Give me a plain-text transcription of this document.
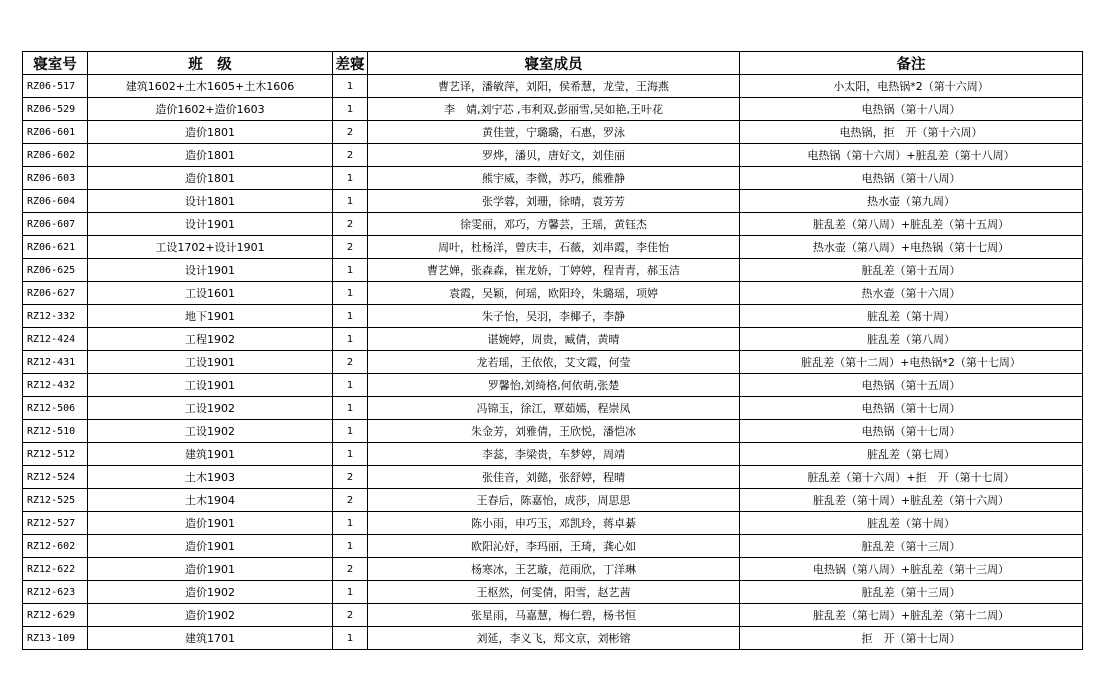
寝室号	班　级	差寝	寝室成员	备注
RZ06-517	建筑1602+土木1605+土木1606	1	曹艺译，潘敏萍，刘阳，侯希慧，龙莹，王海燕	小太阳，电热锅*2（第十六周）
RZ06-529	造价1602+造价1603	1	李　婧,刘宁芯 ,韦利双,彭丽雪,吴如艳,王叶花	电热锅（第十八周）
RZ06-601	造价1801	2	黄佳萱，宁璐璐，石惠，罗泳	电热锅，拒　开（第十六周）
RZ06-602	造价1801	2	罗烨，潘贝，唐好文，刘佳丽	电热锅（第十六周）+脏乱差（第十八周）
RZ06-603	造价1801	1	熊宇威，李微，苏巧，熊雅静	电热锅（第十八周）
RZ06-604	设计1801	1	张学蓉，刘珊，徐晴，袁芳芳	热水壶（第九周）
RZ06-607	设计1901	2	徐雯丽，邓巧，方馨芸，王瑶，黄钰杰	脏乱差（第八周）+脏乱差（第十五周）
RZ06-621	工设1702+设计1901	2	周叶，杜杨洋，曾庆丰，石薇，刘串霞，李佳怡	热水壶（第八周）+电热锅（第十七周）
RZ06-625	设计1901	1	曹艺婵，张森森，崔龙娇，丁婷婷，程青青，郝玉洁	脏乱差（第十五周）
RZ06-627	工设1601	1	袁霞，吴颖，何瑶，欧阳玲，朱璐瑶，项婷	热水壶（第十六周）
RZ12-332	地下1901	1	朱子怡，吴羽，李椰子，李静	脏乱差（第十周）
RZ12-424	工程1902	1	谌婉婷，周贵，臧倩，黄晴	脏乱差（第八周）
RZ12-431	工设1901	2	龙若瑶，王依侬，艾文霞，何莹	脏乱差（第十二周）+电热锅*2（第十七周）
RZ12-432	工设1901	1	罗馨怡,刘绮格,何依萌,张楚	电热锅（第十五周）
RZ12-506	工设1902	1	冯锦玉，徐江，覃茹嫣，程崇凤	电热锅（第十七周）
RZ12-510	工设1902	1	朱金芳，刘雅倩，王欣悦，潘恺冰	电热锅（第十七周）
RZ12-512	建筑1901	1	李蕊，李梁贵，车梦婷，周靖	脏乱差（第七周）
RZ12-524	土木1903	2	张佳音，刘懿，张舒婷，程晴	脏乱差（第十六周）+拒　开（第十七周）
RZ12-525	土木1904	2	王春后，陈嘉怡，成莎，周思思	脏乱差（第十周）+脏乱差（第十六周）
RZ12-527	造价1901	1	陈小雨，申巧玉，邓凯玲，蒋卓綦	脏乱差（第十周）
RZ12-602	造价1901	1	欧阳沁妤，李玛丽，王琦，龚心如	脏乱差（第十三周）
RZ12-622	造价1901	2	杨寒冰，王艺璇，范雨欣，丁洋琳	电热锅（第八周）+脏乱差（第十三周）
RZ12-623	造价1902	1	王枢然，何雯倩，阳雪，赵艺茜	脏乱差（第十三周）
RZ12-629	造价1902	2	张星雨，马嘉慧，梅仁碧，杨书恒	脏乱差（第七周）+脏乱差（第十二周）
RZ13-109	建筑1701	1	刘延，李义飞，郑文京，刘彬镕	拒　开（第十七周）
